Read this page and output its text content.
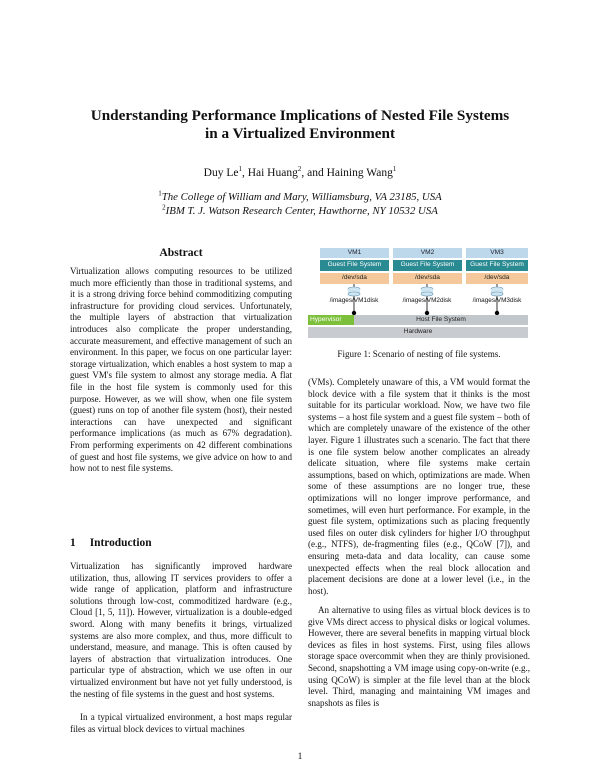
Understanding Performance Implications of Nested File Systems
in a Virtualized Environment
Duy Le$^1$, Hai Huang$^2$, and Haining Wang$^1$
$^1$The College of William and Mary, Williamsburg, VA 23185, USA
$^2$IBM T. J. Watson Research Center, Hawthorne, NY 10532 USA
Abstract

Virtualization allows computing resources to be utilized much more efficiently than those in traditional systems, and it is a strong driving force behind commoditizing computing infrastructure for providing cloud services. Unfortunately, the multiple layers of abstraction that virtualization introduces also complicate the proper understanding, accurate measurement, and effective management of such an environment. In this paper, we focus on one particular layer: storage virtualization, which enables a host system to map a guest VM's file system to almost any storage media. A flat file in the host file system is commonly used for this purpose. However, as we will show, when one file system (guest) runs on top of another file system (host), their nested interactions can have unexpected and significant performance implications (as much as 67% degradation). From performing experiments on 42 different combinations of guest and host file systems, we give advice on how to and how not to nest file systems.

1 Introduction

Virtualization has significantly improved hardware utilization, thus, allowing IT services providers to offer a wide range of application, platform and infrastructure solutions through low-cost, commoditized hardware (e.g., Cloud [1, 5, 11]). However, virtualization is a double-edged sword. Along with many benefits it brings, virtualized systems are also more complex, and thus, more difficult to understand, measure, and manage. This is often caused by layers of abstraction that virtualization introduces. One particular type of abstraction, which we use often in our virtualized environment but have not yet fully understood, is the nesting of file systems in the guest and host systems.

In a typical virtualized environment, a host maps regular files as virtual block devices to virtual machines

VM1	VM2	VM3
Guest File System	Guest File System	Guest File System
/dev/sda	/dev/sda	/dev/sda
/images/VM1disk	/images/VM2disk	/images/VM3disk
Hypervisor	Host File System
Hardware
Figure 1: Scenario of nesting of file systems.

(VMs). Completely unaware of this, a VM would format the block device with a file system that it thinks is the most suitable for its particular workload. Now, we have two file systems – a host file system and a guest file system – both of which are completely unaware of the existence of the other layer. Figure 1 illustrates such a scenario. The fact that there is one file system below another complicates an already delicate situation, where file systems make certain assumptions, based on which, optimizations are made. When some of these assumptions are no longer true, these optimizations will no longer improve performance, and sometimes, will even hurt performance. For example, in the guest file system, optimizations such as placing frequently used files on outer disk cylinders for higher I/O throughput (e.g., NTFS), de-fragmenting files (e.g., QCoW [7]), and ensuring meta-data and data locality, can cause some unexpected effects when the real block allocation and placement decisions are done at a lower level (i.e., in the host).

An alternative to using files as virtual block devices is to give VMs direct access to physical disks or logical volumes. However, there are several benefits in mapping virtual block devices as files in host systems. First, using files allows storage space overcommit when they are thinly provisioned. Second, snapshotting a VM image using copy-on-write (e.g., using QCoW) is simpler at the file level than at the block level. Third, managing and maintaining VM images and snapshots as files is

1
